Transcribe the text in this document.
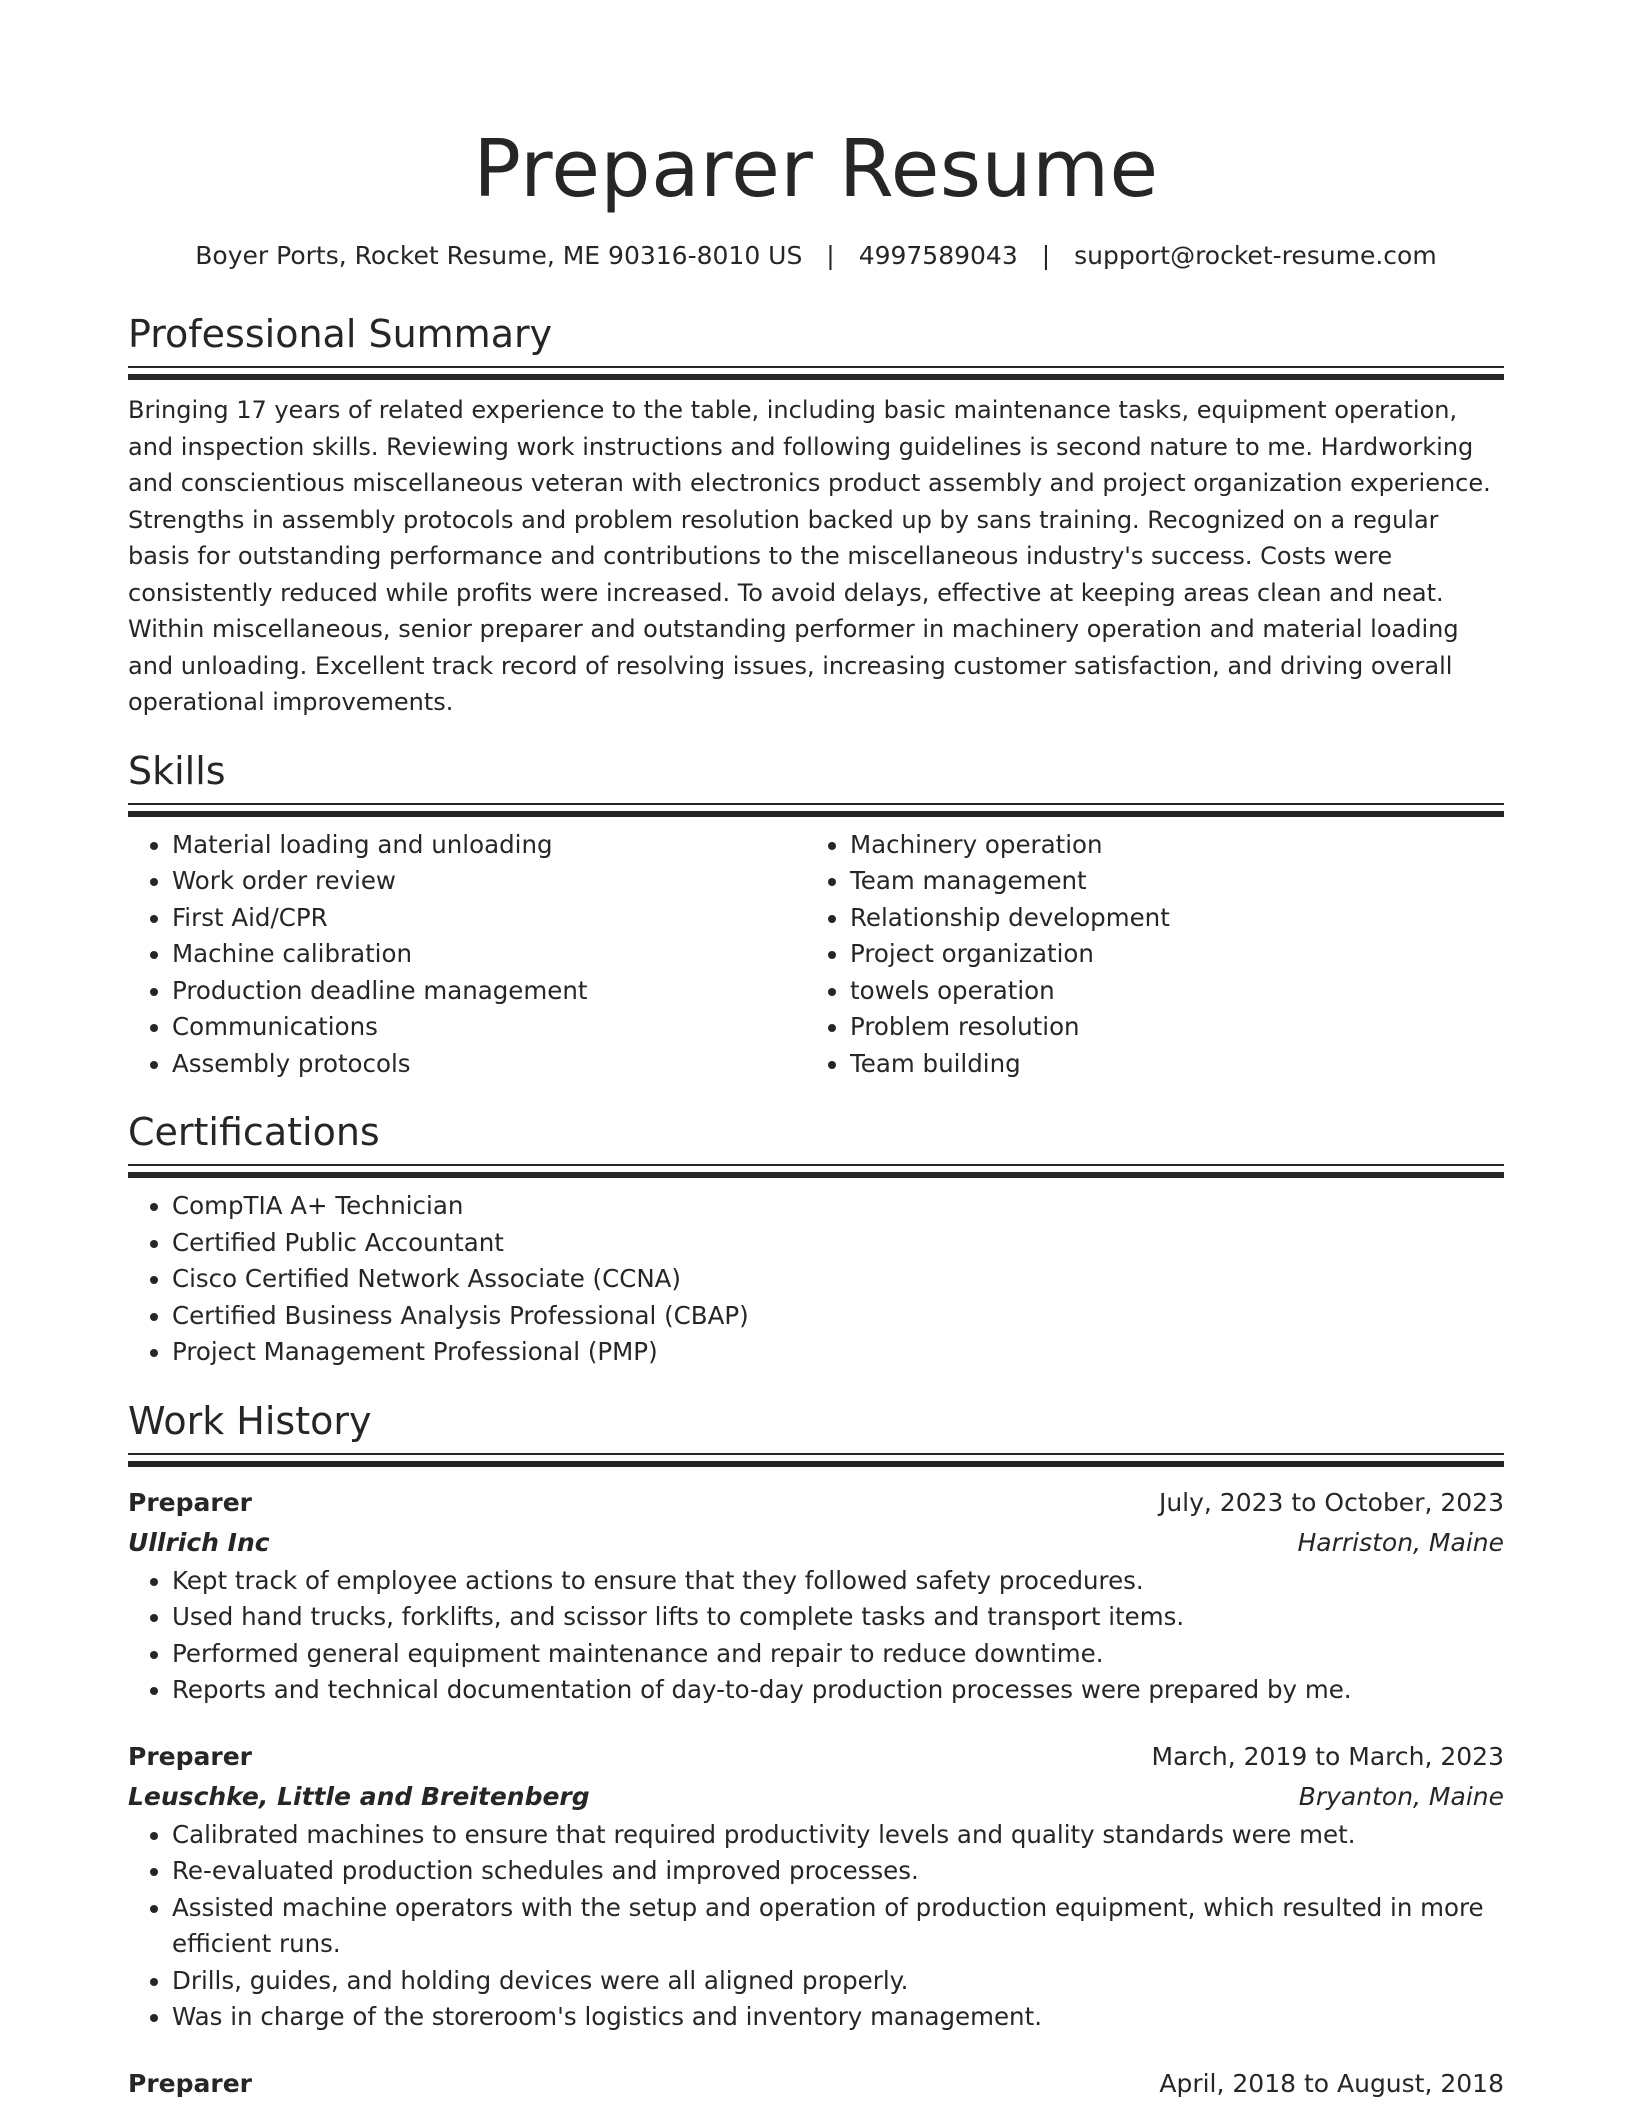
Preparer Resume
Boyer Ports, Rocket Resume, ME 90316-8010 US | 4997589043 | support@rocket-resume.com
Professional Summary
Bringing 17 years of related experience to the table, including basic maintenance tasks, equipment operation, and inspection skills. Reviewing work instructions and following guidelines is second nature to me. Hardworking and conscientious miscellaneous veteran with electronics product assembly and project organization experience. Strengths in assembly protocols and problem resolution backed up by sans training. Recognized on a regular basis for outstanding performance and contributions to the miscellaneous industry's success. Costs were consistently reduced while profits were increased. To avoid delays, effective at keeping areas clean and neat. Within miscellaneous, senior preparer and outstanding performer in machinery operation and material loading and unloading. Excellent track record of resolving issues, increasing customer satisfaction, and driving overall operational improvements.
Skills
• Material loading and unloading
• Work order review
• First Aid/CPR
• Machine calibration
• Production deadline management
• Communications
• Assembly protocols
• Machinery operation
• Team management
• Relationship development
• Project organization
• towels operation
• Problem resolution
• Team building
Certifications
• CompTIA A+ Technician
• Certified Public Accountant
• Cisco Certified Network Associate (CCNA)
• Certified Business Analysis Professional (CBAP)
• Project Management Professional (PMP)
Work History
Preparer	July, 2023 to October, 2023
Ullrich Inc	Harriston, Maine
• Kept track of employee actions to ensure that they followed safety procedures.
• Used hand trucks, forklifts, and scissor lifts to complete tasks and transport items.
• Performed general equipment maintenance and repair to reduce downtime.
• Reports and technical documentation of day-to-day production processes were prepared by me.
Preparer	March, 2019 to March, 2023
Leuschke, Little and Breitenberg	Bryanton, Maine
• Calibrated machines to ensure that required productivity levels and quality standards were met.
• Re-evaluated production schedules and improved processes.
• Assisted machine operators with the setup and operation of production equipment, which resulted in more efficient runs.
• Drills, guides, and holding devices were all aligned properly.
• Was in charge of the storeroom's logistics and inventory management.
Preparer	April, 2018 to August, 2018
